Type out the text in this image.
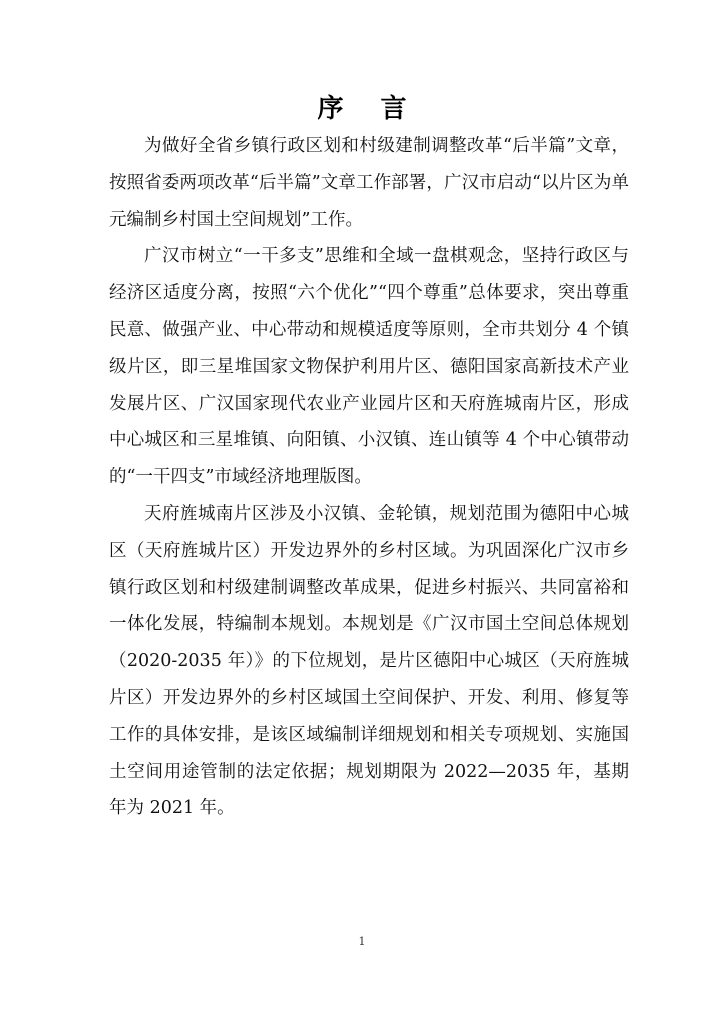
序 言

为做好全省乡镇行政区划和村级建制调整改革“后半篇”文章，按照省委两项改革“后半篇”文章工作部署，广汉市启动“以片区为单元编制乡村国土空间规划”工作。

广汉市树立“一干多支”思维和全域一盘棋观念，坚持行政区与经济区适度分离，按照“六个优化”“四个尊重”总体要求，突出尊重民意、做强产业、中心带动和规模适度等原则，全市共划分 4 个镇级片区，即三星堆国家文物保护利用片区、德阳国家高新技术产业发展片区、广汉国家现代农业产业园片区和天府旌城南片区，形成中心城区和三星堆镇、向阳镇、小汉镇、连山镇等 4 个中心镇带动的“一干四支”市域经济地理版图。

天府旌城南片区涉及小汉镇、金轮镇，规划范围为德阳中心城区（天府旌城片区）开发边界外的乡村区域。为巩固深化广汉市乡镇行政区划和村级建制调整改革成果，促进乡村振兴、共同富裕和一体化发展，特编制本规划。本规划是《广汉市国土空间总体规划（2020-2035 年）》的下位规划，是片区德阳中心城区（天府旌城片区）开发边界外的乡村区域国土空间保护、开发、利用、修复等工作的具体安排，是该区域编制详细规划和相关专项规划、实施国土空间用途管制的法定依据；规划期限为 2022—2035 年，基期年为 2021 年。

1
